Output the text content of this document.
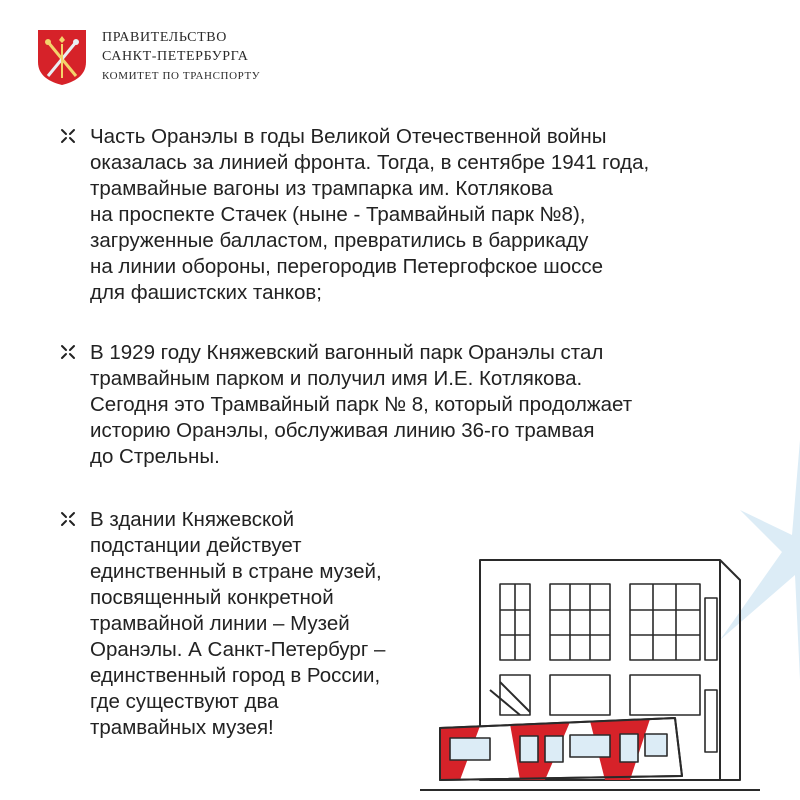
ПРАВИТЕЛЬСТВО
САНКТ-ПЕТЕРБУРГА
КОМИТЕТ ПО ТРАНСПОРТУ
Часть Оранэлы в годы Великой Отечественной войны
оказалась за линией фронта. Тогда, в сентябре 1941 года,
трамвайные вагоны из трампарка им. Котлякова
на проспекте Стачек (ныне - Трамвайный парк №8),
загруженные балластом, превратились в баррикаду
на линии обороны, перегородив Петергофское шоссе
для фашистских танков;
В 1929 году Княжевский вагонный парк Оранэлы стал
трамвайным парком и получил имя И.Е. Котлякова.
Сегодня это Трамвайный парк № 8, который продолжает
историю Оранэлы, обслуживая линию 36-го трамвая
до Стрельны.
В здании Княжевской
подстанции действует
единственный в стране музей,
посвященный конкретной
трамвайной линии – Музей
Оранэлы. А Санкт-Петербург –
единственный город в России,
где существуют два
трамвайных музея!
